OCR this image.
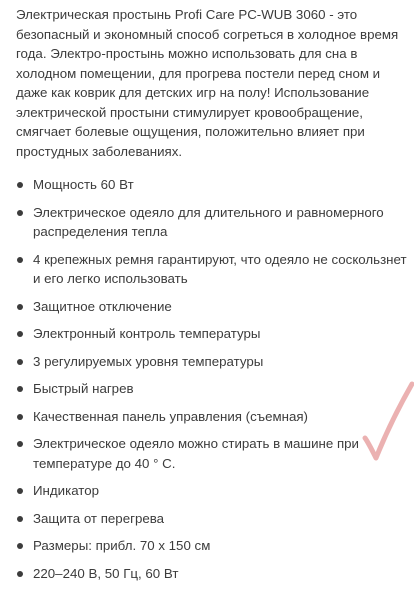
Электрическая простынь Profi Care PC-WUB 3060 - это безопасный и экономный способ согреться в холодное время года. Электро-простынь можно использовать для сна в холодном помещении, для прогрева постели перед сном и даже как коврик для детских игр на полу! Использование электрической простыни стимулирует кровообращение, смягчает болевые ощущения, положительно влияет при простудных заболеваниях.

Мощность 60 Вт
Электрическое одеяло для длительного и равномерного распределения тепла
4 крепежных ремня гарантируют, что одеяло не соскользнет и его легко использовать
Защитное отключение
Электронный контроль температуры
3 регулируемых уровня температуры
Быстрый нагрев
Качественная панель управления (съемная)
Электрическое одеяло можно стирать в машине при температуре до 40 ° С.
Индикатор
Защита от перегрева
Размеры: прибл. 70 x 150 см
220–240 В, 50 Гц, 60 Вт
